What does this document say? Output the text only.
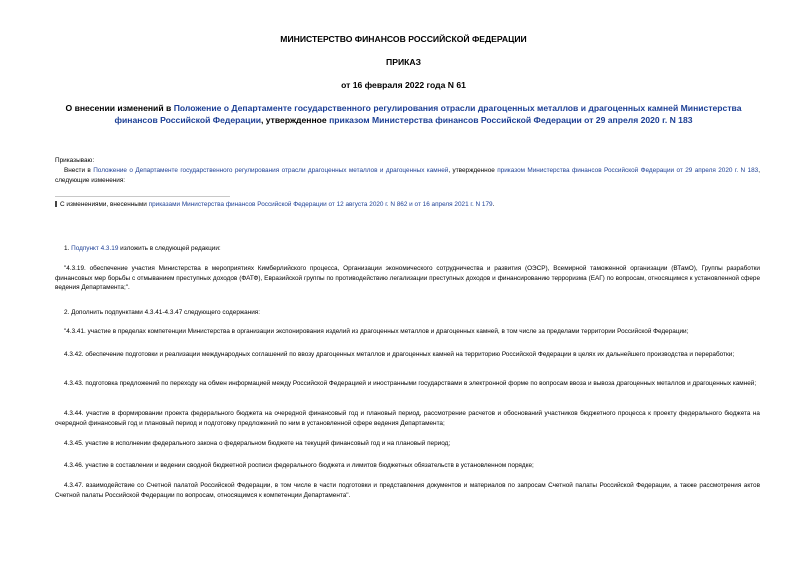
МИНИСТЕРСТВО ФИНАНСОВ РОССИЙСКОЙ ФЕДЕРАЦИИ

ПРИКАЗ

от 16 февраля 2022 года N 61

О внесении изменений в Положение о Департаменте государственного регулирования отрасли драгоценных металлов и драгоценных камней Министерства финансов Российской Федерации, утвержденное приказом Министерства финансов Российской Федерации от 29 апреля 2020 г. N 183

Приказываю:

Внести в Положение о Департаменте государственного регулирования отрасли драгоценных металлов и драгоценных камней, утвержденное приказом Министерства финансов Российской Федерации от 29 апреля 2020 г. N 183, следующие изменения:

С изменениями, внесенными приказами Министерства финансов Российской Федерации от 12 августа 2020 г. N 862 и от 16 апреля 2021 г. N 179.

1. Подпункт 4.3.19 изложить в следующей редакции:

"4.3.19. обеспечение участия Министерства в мероприятиях Кимберлийского процесса, Организации экономического сотрудничества и развития (ОЭСР), Всемирной таможенной организации (ВТамО), Группы разработки финансовых мер борьбы с отмыванием преступных доходов (ФАТФ), Евразийской группы по противодействию легализации преступных доходов и финансированию терроризма (ЕАГ) по вопросам, относящимся к установленной сфере ведения Департамента;".

2. Дополнить подпунктами 4.3.41-4.3.47 следующего содержания:

"4.3.41. участие в пределах компетенции Министерства в организации экспонирования изделий из драгоценных металлов и драгоценных камней, в том числе за пределами территории Российской Федерации;

4.3.42. обеспечение подготовки и реализации международных соглашений по ввозу драгоценных металлов и драгоценных камней на территорию Российской Федерации в целях их дальнейшего производства и переработки;

4.3.43. подготовка предложений по переходу на обмен информацией между Российской Федерацией и иностранными государствами в электронной форме по вопросам ввоза и вывоза драгоценных металлов и драгоценных камней;

4.3.44. участие в формировании проекта федерального бюджета на очередной финансовый год и плановый период, рассмотрение расчетов и обоснований участников бюджетного процесса к проекту федерального бюджета на очередной финансовый год и плановый период и подготовку предложений по ним в установленной сфере ведения Департамента;

4.3.45. участие в исполнении федерального закона о федеральном бюджете на текущий финансовый год и на плановый период;

4.3.46. участие в составлении и ведении сводной бюджетной росписи федерального бюджета и лимитов бюджетных обязательств в установленном порядке;

4.3.47. взаимодействие со Счетной палатой Российской Федерации, в том числе в части подготовки и представления документов и материалов по запросам Счетной палаты Российской Федерации, а также рассмотрения актов Счетной палаты Российской Федерации по вопросам, относящимся к компетенции Департамента".
